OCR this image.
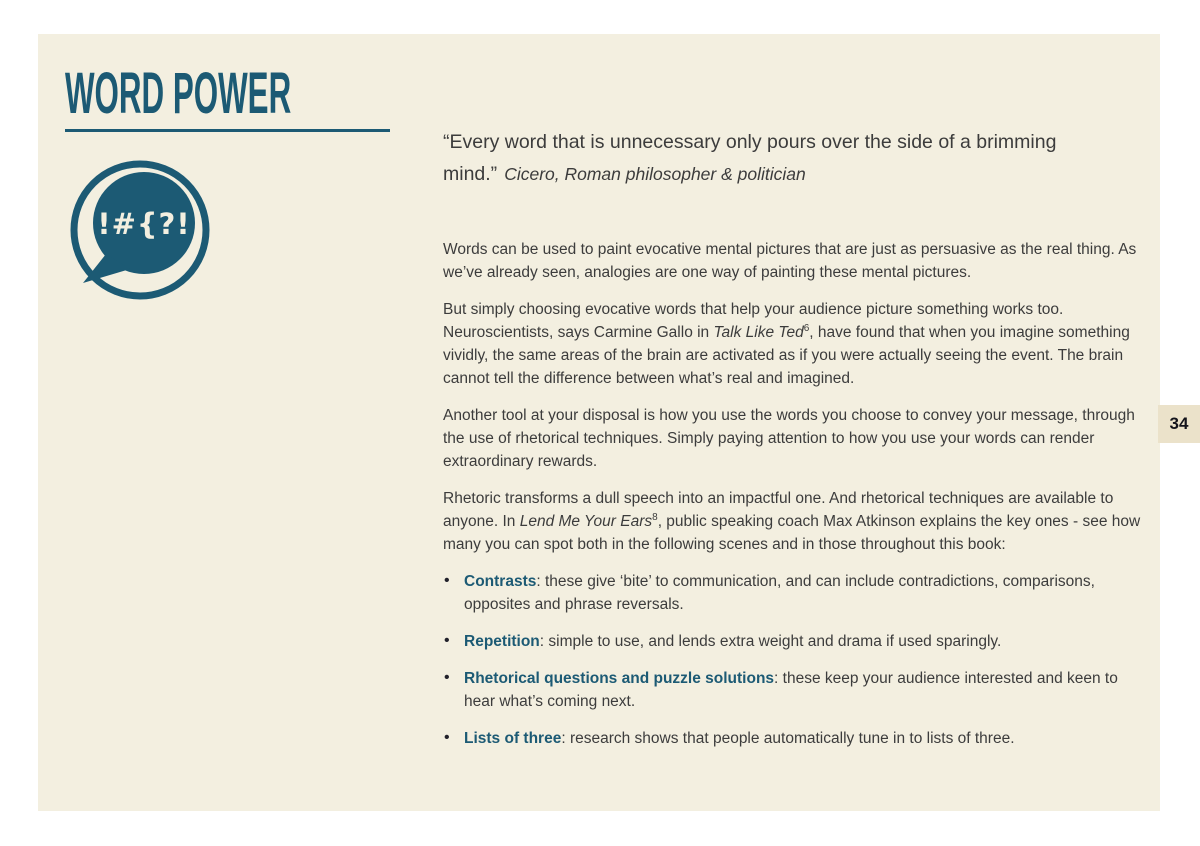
WORD POWER
!#{?!

“Every word that is unnecessary only pours over the side of a brimming mind.” Cicero, Roman philosopher & politician

Words can be used to paint evocative mental pictures that are just as persuasive as the real thing. As we’ve already seen, analogies are one way of painting these mental pictures.

But simply choosing evocative words that help your audience picture something works too. Neuroscientists, says Carmine Gallo in Talk Like Ted$^6$, have found that when you imagine something vividly, the same areas of the brain are activated as if you were actually seeing the event. The brain cannot tell the difference between what’s real and imagined.

Another tool at your disposal is how you use the words you choose to convey your message, through the use of rhetorical techniques. Simply paying attention to how you use your words can render extraordinary rewards.

Rhetoric transforms a dull speech into an impactful one. And rhetorical techniques are available to anyone. In Lend Me Your Ears$^8$, public speaking coach Max Atkinson explains the key ones - see how many you can spot both in the following scenes and in those throughout this book:

• Contrasts: these give ‘bite’ to communication, and can include contradictions, comparisons, opposites and phrase reversals.
• Repetition: simple to use, and lends extra weight and drama if used sparingly.
• Rhetorical questions and puzzle solutions: these keep your audience interested and keen to hear what’s coming next.
• Lists of three: research shows that people automatically tune in to lists of three.
34
